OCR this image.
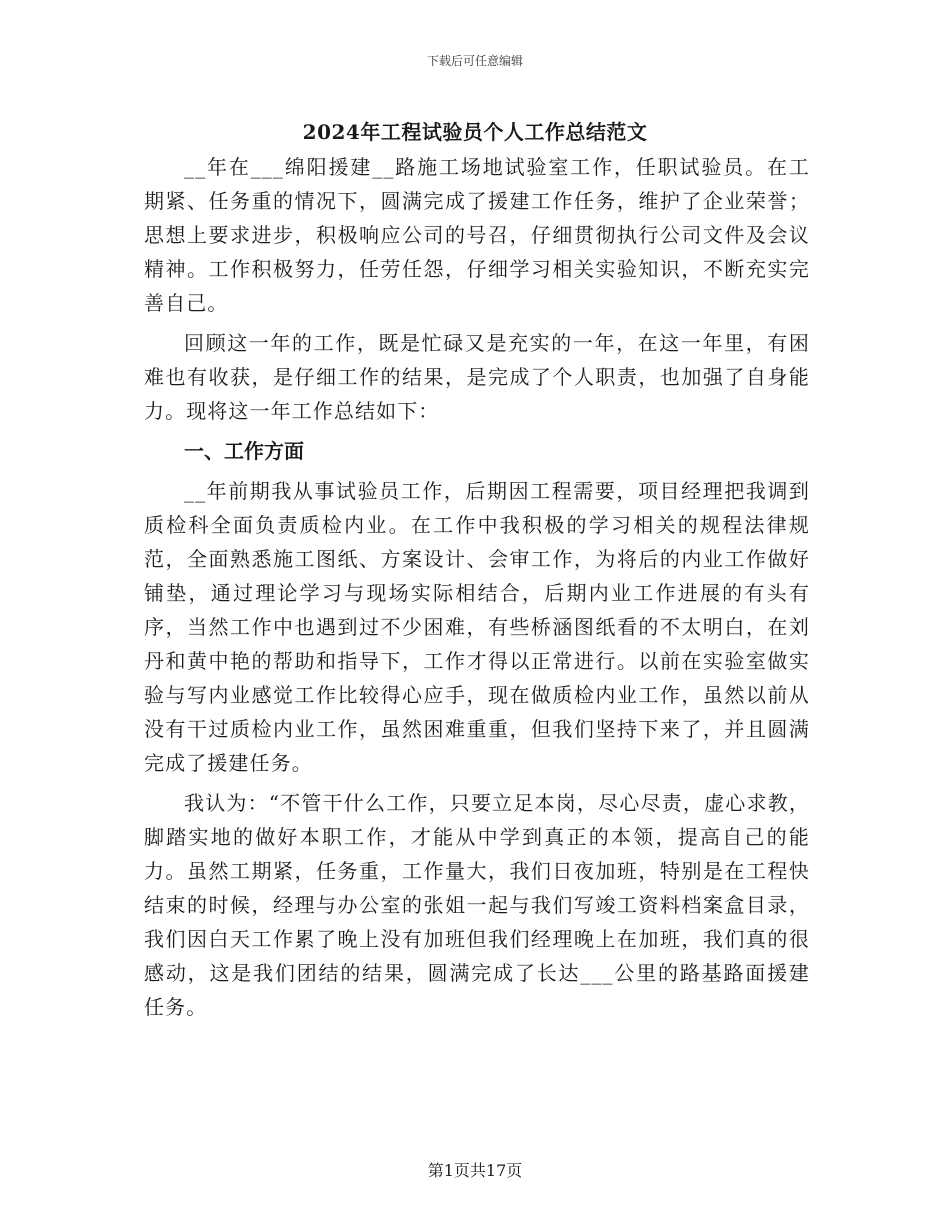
下载后可任意编辑
2024年工程试验员个人工作总结范文

__年在___绵阳援建__路施工场地试验室工作，任职试验员。在工期紧、任务重的情况下，圆满完成了援建工作任务，维护了企业荣誉；思想上要求进步，积极响应公司的号召，仔细贯彻执行公司文件及会议精神。工作积极努力，任劳任怨，仔细学习相关实验知识，不断充实完善自己。

回顾这一年的工作，既是忙碌又是充实的一年，在这一年里，有困难也有收获，是仔细工作的结果，是完成了个人职责，也加强了自身能力。现将这一年工作总结如下：

一、工作方面

__年前期我从事试验员工作，后期因工程需要，项目经理把我调到质检科全面负责质检内业。在工作中我积极的学习相关的规程法律规范，全面熟悉施工图纸、方案设计、会审工作，为将后的内业工作做好铺垫，通过理论学习与现场实际相结合，后期内业工作进展的有头有序，当然工作中也遇到过不少困难，有些桥涵图纸看的不太明白，在刘丹和黄中艳的帮助和指导下，工作才得以正常进行。以前在实验室做实验与写内业感觉工作比较得心应手，现在做质检内业工作，虽然以前从没有干过质检内业工作，虽然困难重重，但我们坚持下来了，并且圆满完成了援建任务。

我认为：“不管干什么工作，只要立足本岗，尽心尽责，虚心求教，脚踏实地的做好本职工作，才能从中学到真正的本领，提高自己的能力。虽然工期紧，任务重，工作量大，我们日夜加班，特别是在工程快结束的时候，经理与办公室的张姐一起与我们写竣工资料档案盒目录，我们因白天工作累了晚上没有加班但我们经理晚上在加班，我们真的很感动，这是我们团结的结果，圆满完成了长达___公里的路基路面援建任务。

第1页共17页
